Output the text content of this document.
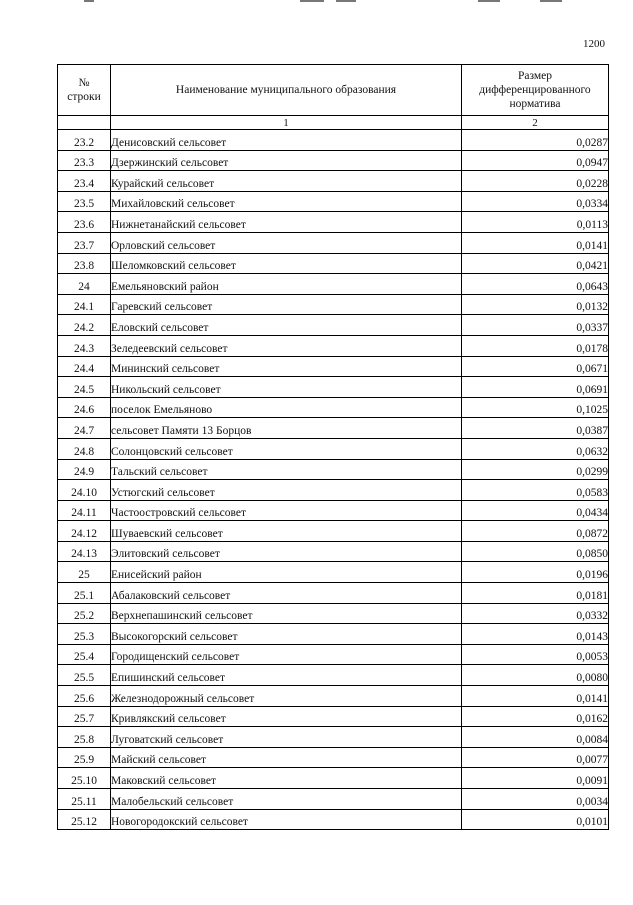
1200
№ строки	Наименование муниципального образования	Размер дифференцированного норматива
	1	2
23.2	Денисовский сельсовет	0,0287
23.3	Дзержинский сельсовет	0,0947
23.4	Курайский сельсовет	0,0228
23.5	Михайловский сельсовет	0,0334
23.6	Нижнетанайский сельсовет	0,0113
23.7	Орловский сельсовет	0,0141
23.8	Шеломковский сельсовет	0,0421
24	Емельяновский район	0,0643
24.1	Гаревский сельсовет	0,0132
24.2	Еловский сельсовет	0,0337
24.3	Зеледеевский сельсовет	0,0178
24.4	Мининский сельсовет	0,0671
24.5	Никольский сельсовет	0,0691
24.6	поселок Емельяново	0,1025
24.7	сельсовет Памяти 13 Борцов	0,0387
24.8	Солонцовский сельсовет	0,0632
24.9	Тальский сельсовет	0,0299
24.10	Устюгский сельсовет	0,0583
24.11	Частоостровский сельсовет	0,0434
24.12	Шуваевский сельсовет	0,0872
24.13	Элитовский сельсовет	0,0850
25	Енисейский район	0,0196
25.1	Абалаковский сельсовет	0,0181
25.2	Верхнепашинский сельсовет	0,0332
25.3	Высокогорский сельсовет	0,0143
25.4	Городищенский сельсовет	0,0053
25.5	Епишинский сельсовет	0,0080
25.6	Железнодорожный сельсовет	0,0141
25.7	Кривлякский сельсовет	0,0162
25.8	Луговатский сельсовет	0,0084
25.9	Майский сельсовет	0,0077
25.10	Маковский сельсовет	0,0091
25.11	Малобельский сельсовет	0,0034
25.12	Новогородокский сельсовет	0,0101
